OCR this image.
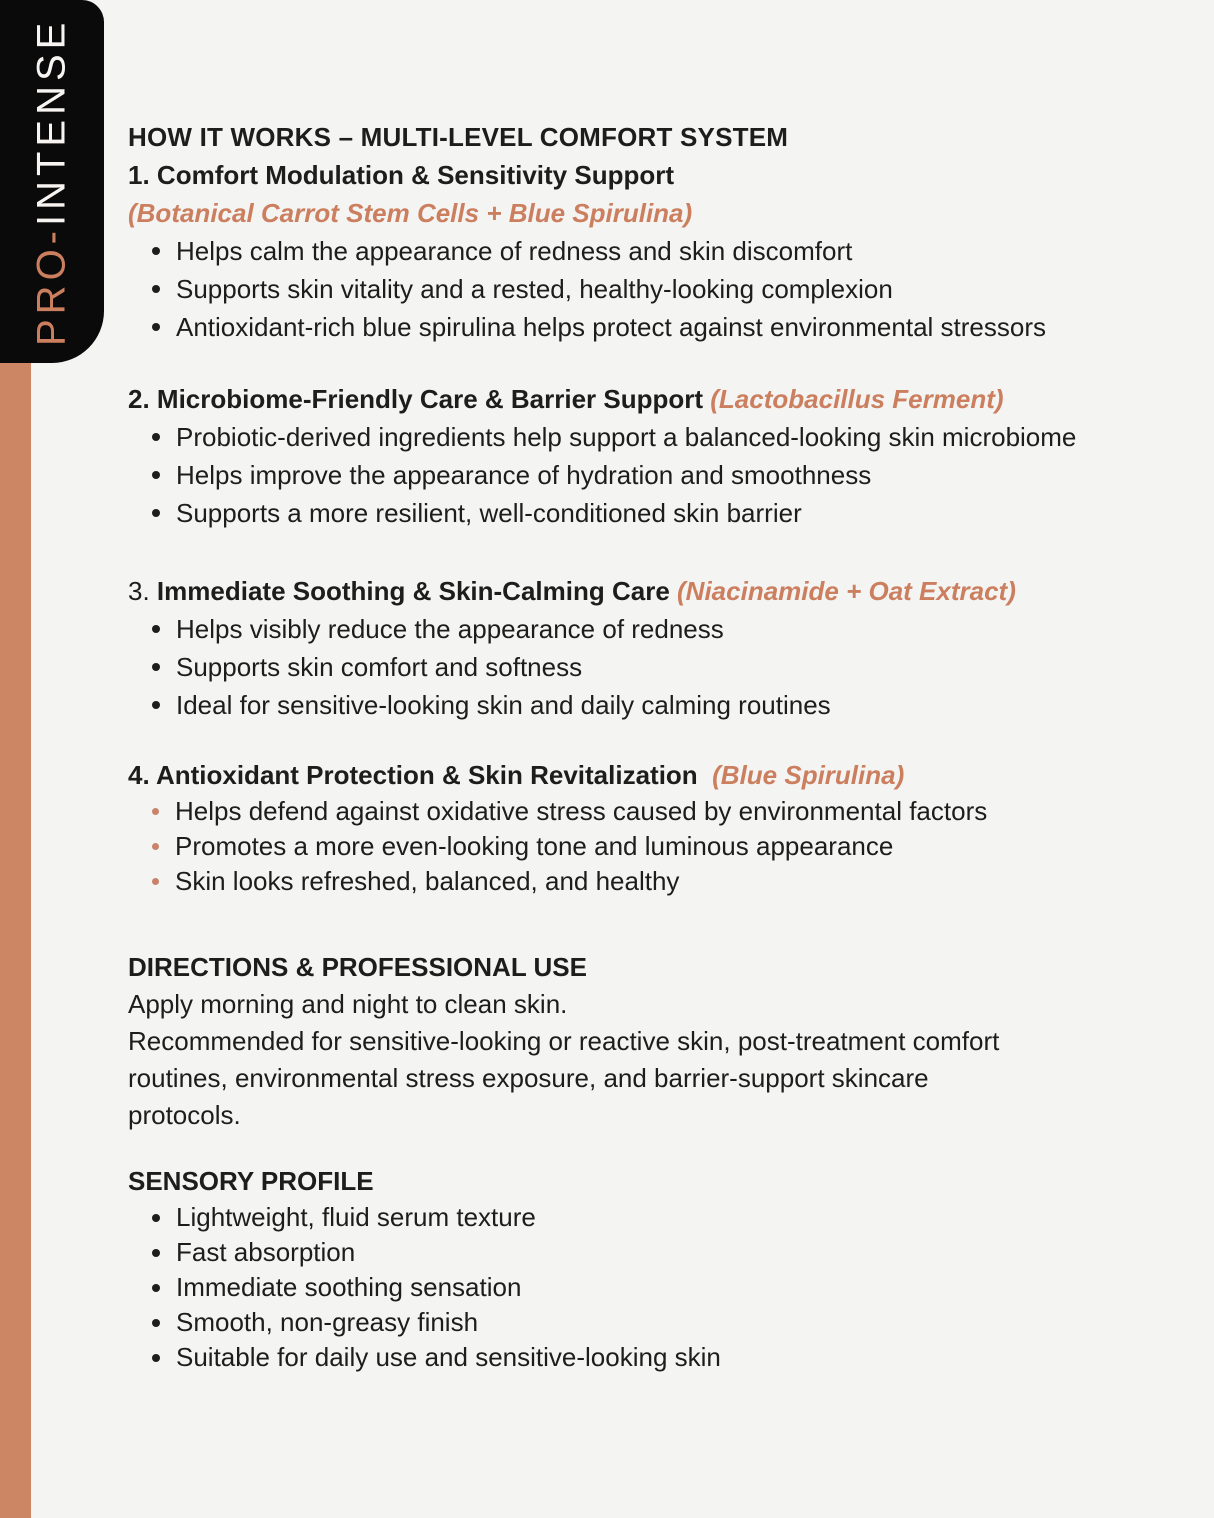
PRO-
INTENSE HOW IT WORKS – MULTI-LEVEL COMFORT SYSTEM
1. Comfort Modulation & Sensitivity Support
(Botanical Carrot Stem Cells + Blue Spirulina)
Helps calm the appearance of redness and skin discomfort
Supports skin vitality and a rested, healthy-looking complexion
Antioxidant-rich blue spirulina helps protect against environmental stressors
2. Microbiome-Friendly Care & Barrier Support (Lactobacillus Ferment)
Probiotic-derived ingredients help support a balanced-looking skin microbiome
Helps improve the appearance of hydration and smoothness
Supports a more resilient, well-conditioned skin barrier
3. Immediate Soothing & Skin-Calming Care (Niacinamide + Oat Extract)
Helps visibly reduce the appearance of redness
Supports skin comfort and softness
Ideal for sensitive-looking skin and daily calming routines
4. Antioxidant Protection & Skin Revitalization (Blue Spirulina)
Helps defend against oxidative stress caused by environmental factors
Promotes a more even-looking tone and luminous appearance
Skin looks refreshed, balanced, and healthy
DIRECTIONS & PROFESSIONAL USE

Apply morning and night to clean skin.

Recommended for sensitive-looking or reactive skin, post-treatment comfort routines, environmental stress exposure, and barrier-support skincare protocols.

SENSORY PROFILE
Lightweight, fluid serum texture
Fast absorption
Immediate soothing sensation
Smooth, non-greasy finish
Suitable for daily use and sensitive-looking skin
